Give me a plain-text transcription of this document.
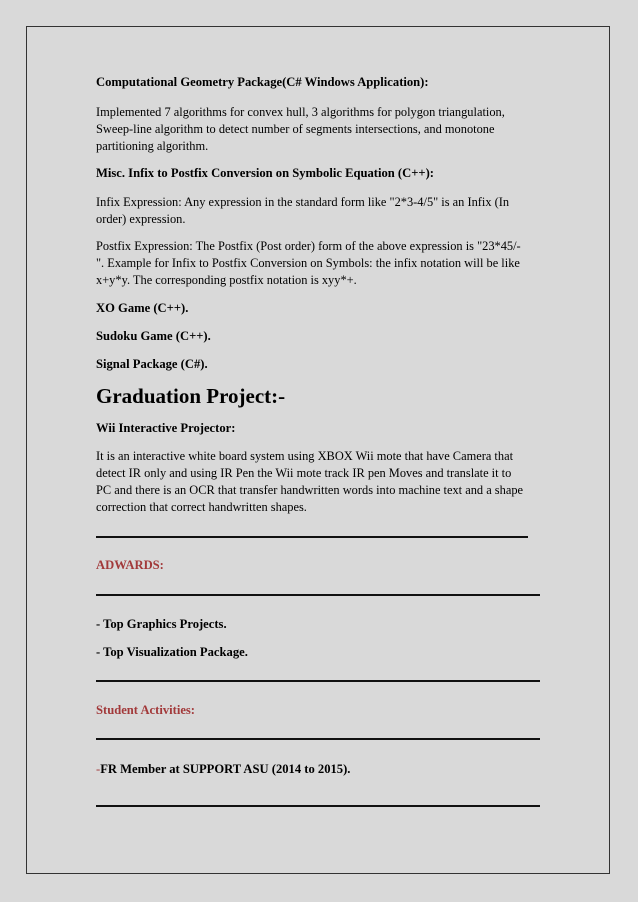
Computational Geometry Package(C# Windows Application):

Implemented 7 algorithms for convex hull, 3 algorithms for polygon triangulation,

Sweep-line algorithm to detect number of segments intersections, and monotone

partitioning algorithm.

Misc. Infix to Postfix Conversion on Symbolic Equation (C++):

Infix Expression: Any expression in the standard form like "2*3-4/5" is an Infix (In

order) expression.

Postfix Expression: The Postfix (Post order) form of the above expression is "23*45/-

". Example for Infix to Postfix Conversion on Symbols: the infix notation will be like

x+y*y. The corresponding postfix notation is xyy*+.

XO Game (C++).

Sudoku Game (C++).

Signal Package (C#).

Graduation Project:-

Wii Interactive Projector:

It is an interactive white board system using XBOX Wii mote that have Camera that

detect IR only and using IR Pen the Wii mote track IR pen Moves and translate it to

PC and there is an OCR that transfer handwritten words into machine text and a shape

correction that correct handwritten shapes.

ADWARDS:

- Top Graphics Projects.

- Top Visualization Package.

Student Activities:

-FR Member at SUPPORT ASU (2014 to 2015).
